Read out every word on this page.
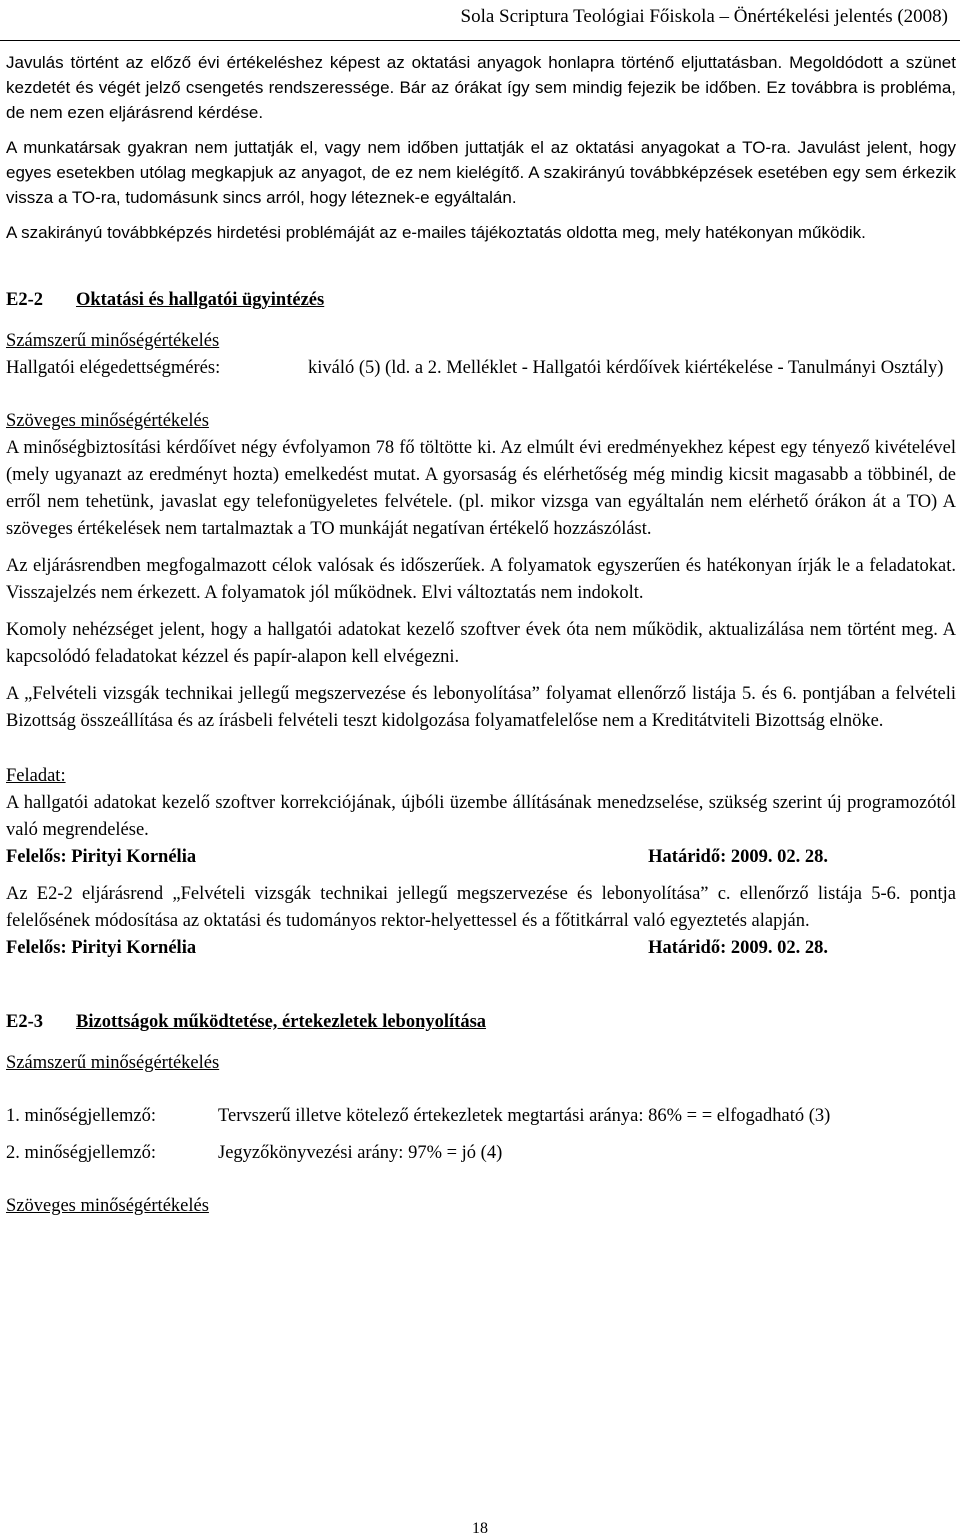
Sola Scriptura Teológiai Főiskola – Önértékelési jelentés (2008)

Javulás történt az előző évi értékeléshez képest az oktatási anyagok honlapra történő eljuttatásban. Megoldódott a szünet kezdetét és végét jelző csengetés rendszeressége. Bár az órákat így sem mindig fejezik be időben. Ez továbbra is probléma, de nem ezen eljárásrend kérdése.

A munkatársak gyakran nem juttatják el, vagy nem időben juttatják el az oktatási anyagokat a TO-ra. Javulást jelent, hogy egyes esetekben utólag megkapjuk az anyagot, de ez nem kielégítő. A szakirányú továbbképzések esetében egy sem érkezik vissza a TO-ra, tudomásunk sincs arról, hogy léteznek-e egyáltalán.

A szakirányú továbbképzés hirdetési problémáját az e-mailes tájékoztatás oldotta meg, mely hatékonyan működik.

E2-2 Oktatási és hallgatói ügyintézés

Számszerű minőségértékelés

Hallgatói elégedettségmérés:	kiváló (5) (ld. a 2. Melléklet - Hallgatói kérdőívek kiértékelése - Tanulmányi Osztály)

Szöveges minőségértékelés

A minőségbiztosítási kérdőívet négy évfolyamon 78 fő töltötte ki. Az elmúlt évi eredményekhez képest egy tényező kivételével (mely ugyanazt az eredményt hozta) emelkedést mutat. A gyorsaság és elérhetőség még mindig kicsit magasabb a többinél, de erről nem tehetünk, javaslat egy telefonügyeletes felvétele. (pl. mikor vizsga van egyáltalán nem elérhető órákon át a TO) A szöveges értékelések nem tartalmaztak a TO munkáját negatívan értékelő hozzászólást.

Az eljárásrendben megfogalmazott célok valósak és időszerűek. A folyamatok egyszerűen és hatékonyan írják le a feladatokat. Visszajelzés nem érkezett. A folyamatok jól működnek. Elvi változtatás nem indokolt.

Komoly nehézséget jelent, hogy a hallgatói adatokat kezelő szoftver évek óta nem működik, aktualizálása nem történt meg. A kapcsolódó feladatokat kézzel és papír-alapon kell elvégezni.

A „Felvételi vizsgák technikai jellegű megszervezése és lebonyolítása” folyamat ellenőrző listája 5. és 6. pontjában a felvételi Bizottság összeállítása és az írásbeli felvételi teszt kidolgozása folyamatfelelőse nem a Kreditátviteli Bizottság elnöke.

Feladat:

A hallgatói adatokat kezelő szoftver korrekciójának, újbóli üzembe állításának menedzselése, szükség szerint új programozótól való megrendelése.

Felelős: Pirityi Kornélia	Határidő: 2009. 02. 28.

Az E2-2 eljárásrend „Felvételi vizsgák technikai jellegű megszervezése és lebonyolítása” c. ellenőrző listája 5-6. pontja felelősének módosítása az oktatási és tudományos rektor-helyettessel és a főtitkárral való egyeztetés alapján.

Felelős: Pirityi Kornélia	Határidő: 2009. 02. 28.
E2-3 Bizottságok működtetése, értekezletek lebonyolítása

Számszerű minőségértékelés

1. minőségjellemző:	Tervszerű illetve kötelező értekezletek megtartási aránya: 86% = = elfogadható (3)
2. minőségjellemző:	Jegyzőkönyvezési arány: 97% = jó (4)

Szöveges minőségértékelés

18
